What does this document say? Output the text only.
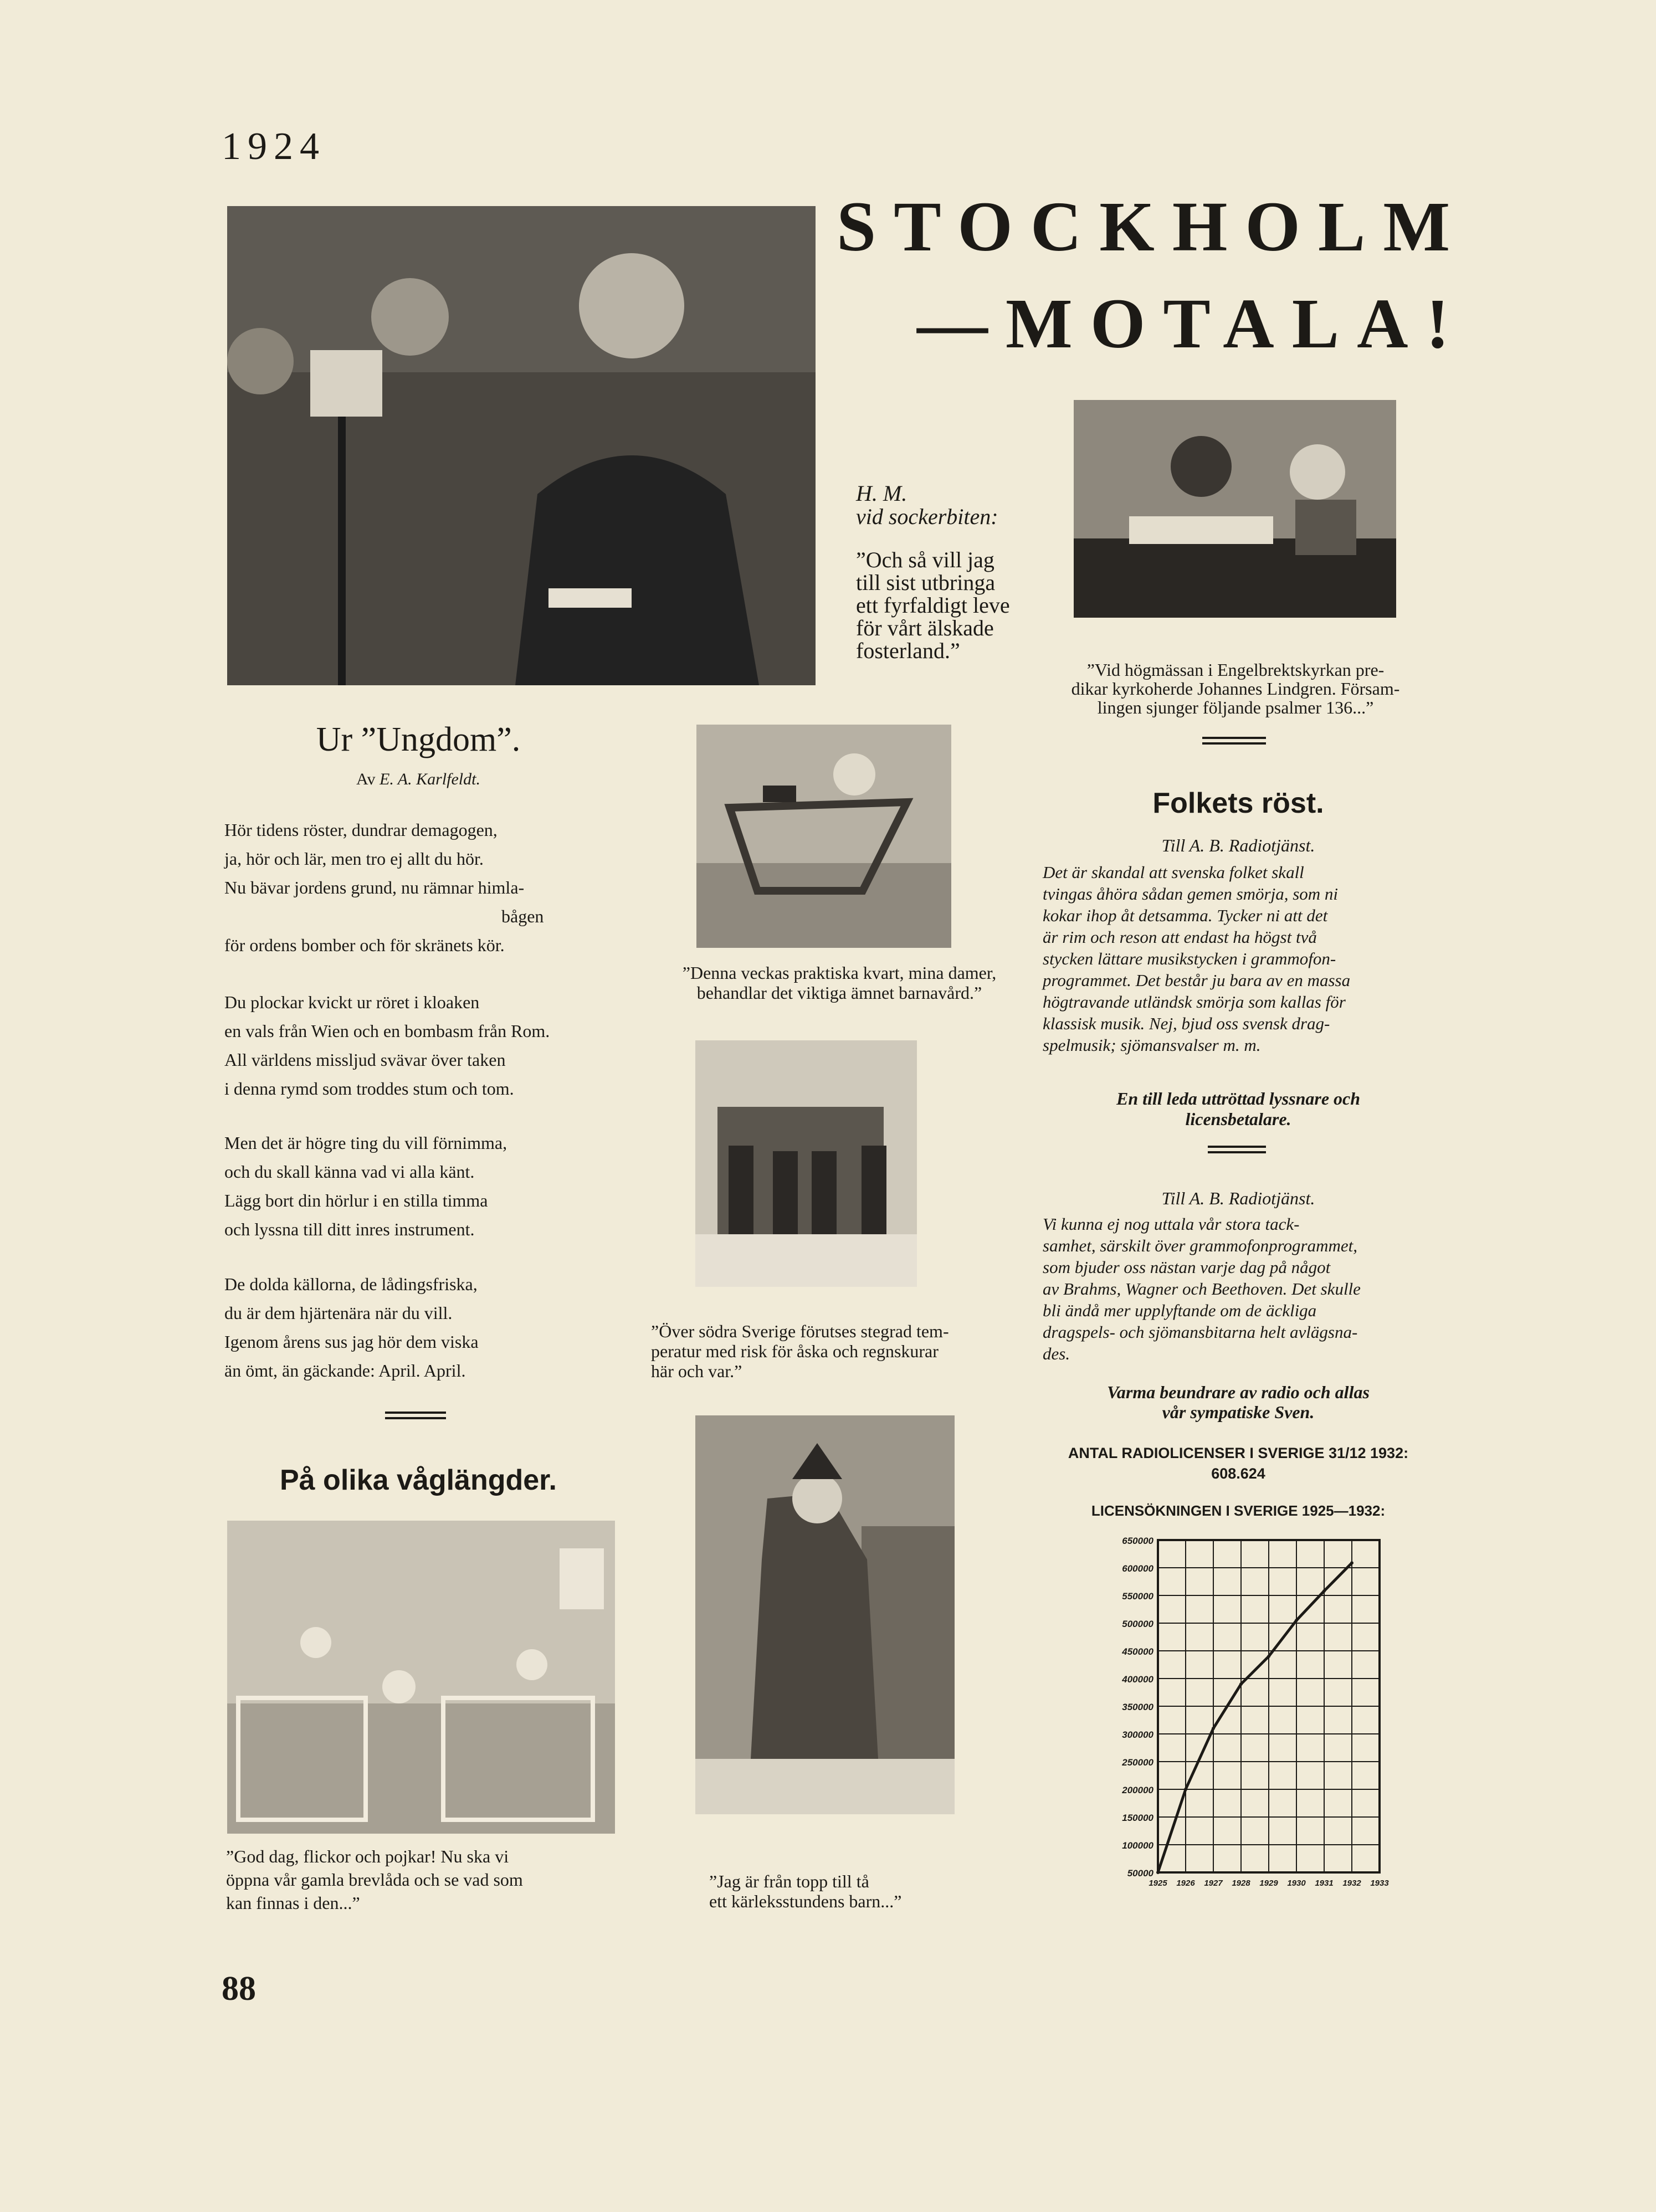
1924
STOCKHOLM
—MOTALA!
H. M.
vid sockerbiten:
”Och så vill jag
till sist utbringa
ett fyrfaldigt leve
för vårt älskade
fosterland.”
”Vid högmässan i Engelbrektskyrkan pre-
dikar kyrkoherde Johannes Lindgren. Försam-
lingen sjunger följande psalmer 136...”
Ur ”Ungdom”.
Av E. A. Karlfeldt.
Hör tidens röster, dundrar demagogen,
ja, hör och lär, men tro ej allt du hör.
Nu bävar jordens grund, nu rämnar himla-
bågen
för ordens bomber och för skränets kör.
Du plockar kvickt ur röret i kloaken
en vals från Wien och en bombasm från Rom.
All världens missljud svävar över taken
i denna rymd som troddes stum och tom.
Men det är högre ting du vill förnimma,
och du skall känna vad vi alla känt.
Lägg bort din hörlur i en stilla timma
och lyssna till ditt inres instrument.
De dolda källorna, de lådingsfriska,
du är dem hjärtenära när du vill.
Igenom årens sus jag hör dem viska
än ömt, än gäckande: April. April.
”Denna veckas praktiska kvart, mina damer,
behandlar det viktiga ämnet barnavård.”
”Över södra Sverige förutses stegrad tem-
peratur med risk för åska och regnskurar
här och var.”
På olika våglängder.
”God dag, flickor och pojkar! Nu ska vi
öppna vår gamla brevlåda och se vad som
kan finnas i den...”
”Jag är från topp till tå
ett kärleksstundens barn...”
Folkets röst.
Till A. B. Radiotjänst.
Det är skandal att svenska folket skall
tvingas åhöra sådan gemen smörja, som ni
kokar ihop åt detsamma. Tycker ni att det
är rim och reson att endast ha högst två
stycken lättare musikstycken i grammofon-
programmet. Det består ju bara av en massa
högtravande utländsk smörja som kallas för
klassisk musik. Nej, bjud oss svensk drag-
spelmusik; sjömansvalser m. m.
En till leda uttröttad lyssnare och
licensbetalare.
Till A. B. Radiotjänst.
Vi kunna ej nog uttala vår stora tack-
samhet, särskilt över grammofonprogrammet,
som bjuder oss nästan varje dag på något
av Brahms, Wagner och Beethoven. Det skulle
bli ändå mer upplyftande om de äckliga
dragspels- och sjömansbitarna helt avlägsna-
des.
Varma beundrare av radio och allas
vår sympatiske Sven.
ANTAL RADIOLICENSER I SVERIGE 31/12 1932:
608.624
LICENSÖKNINGEN I SVERIGE 1925—1932:
650000
600000
550000
500000
450000
400000
350000
300000
250000
200000
150000
100000
50000
1925 1926 1927 1928 1929 1930 1931 1932 1933
88
